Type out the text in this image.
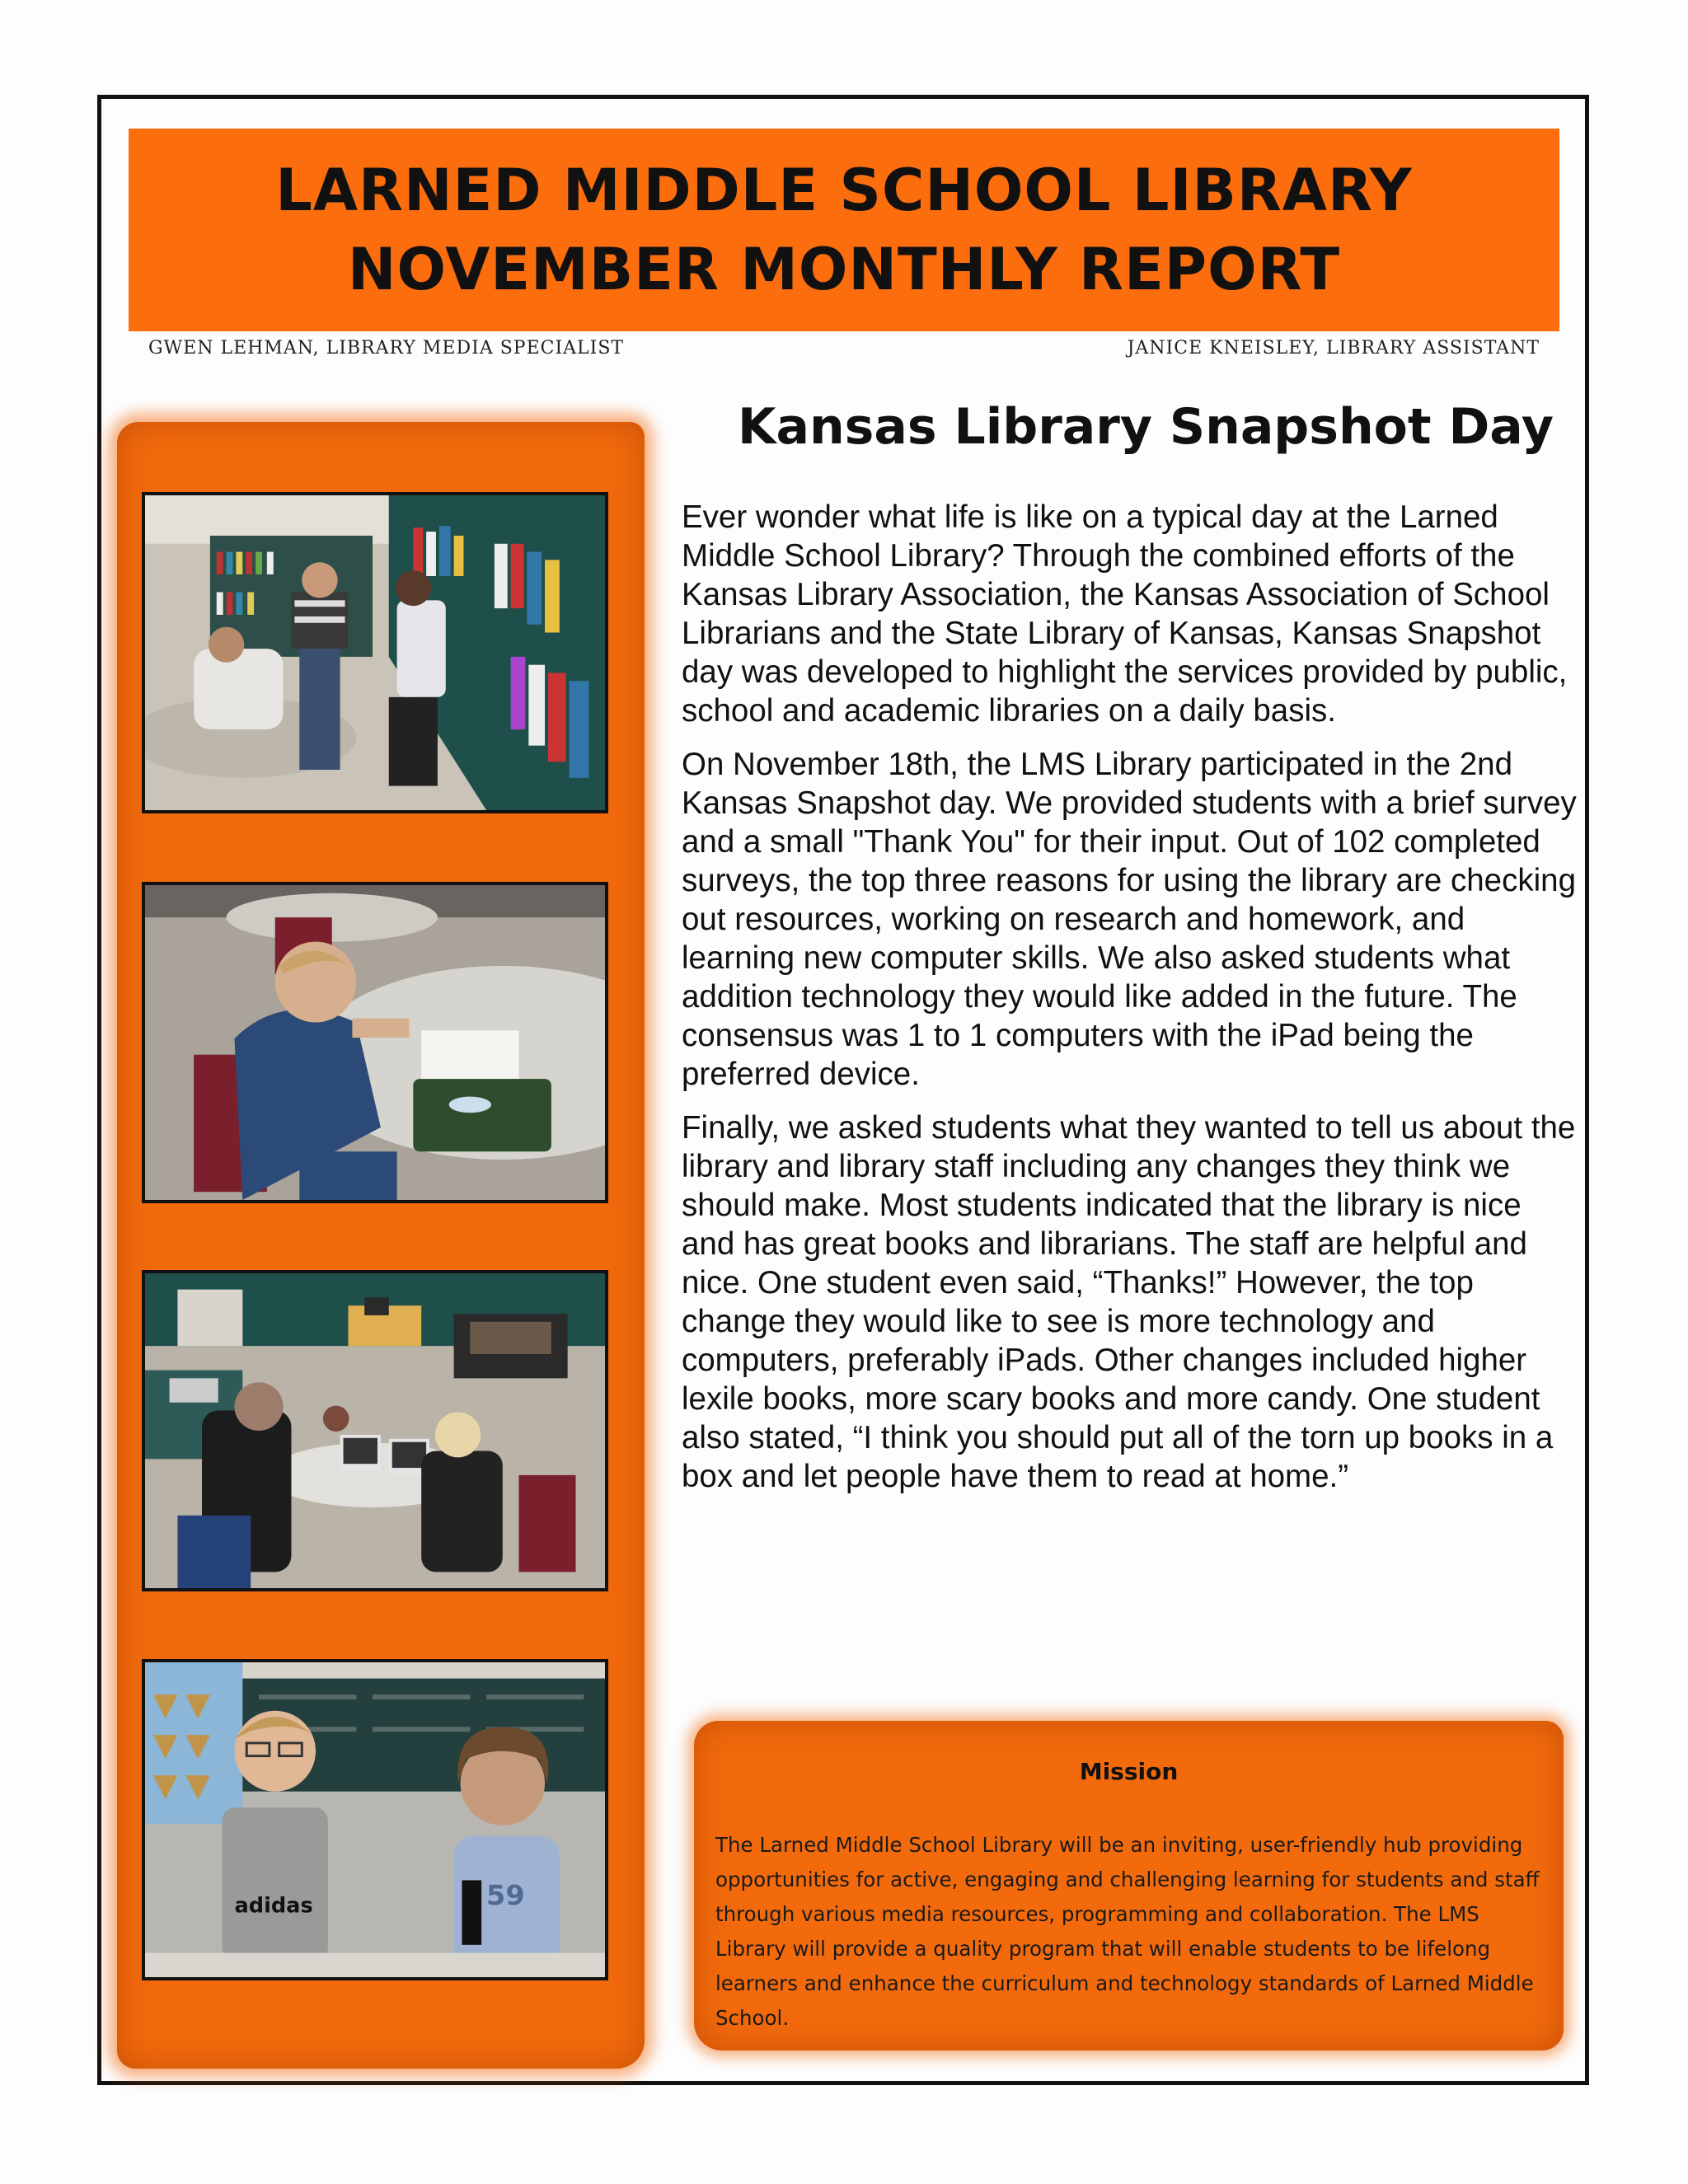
LARNED MIDDLE SCHOOL LIBRARY
NOVEMBER MONTHLY REPORT
GWEN LEHMAN, LIBRARY MEDIA SPECIALIST	JANICE KNEISLEY, LIBRARY ASSISTANT
adidas	59
Kansas Library Snapshot Day

Ever wonder what life is like on a typical day at the Larned Middle School Library? Through the combined efforts of the Kansas Library Association, the Kansas Association of School Librarians and the State Library of Kansas, Kansas Snapshot day was developed to highlight the services provided by public, school and academic libraries on a daily basis.

On November 18th, the LMS Library participated in the 2nd Kansas Snapshot day. We provided students with a brief survey and a small "Thank You" for their input. Out of 102 completed surveys, the top three reasons for using the library are checking out resources, working on research and homework, and learning new computer skills. We also asked students what addition technology they would like added in the future. The consensus was 1 to 1 computers with the iPad being the preferred device.

Finally, we asked students what they wanted to tell us about the library and library staff including any changes they think we should make. Most students indicated that the library is nice and has great books and librarians. The staff are helpful and nice. One student even said, “Thanks!” However, the top change they would like to see is more technology and computers, preferably iPads. Other changes included higher lexile books, more scary books and more candy. One student also stated, “I think you should put all of the torn up books in a box and let people have them to read at home.”

Mission
The Larned Middle School Library will be an inviting, user-friendly hub providing opportunities for active, engaging and challenging learning for students and staff through various media resources, programming and collaboration. The LMS Library will provide a quality program that will enable students to be lifelong learners and enhance the curriculum and technology standards of Larned Middle School.
